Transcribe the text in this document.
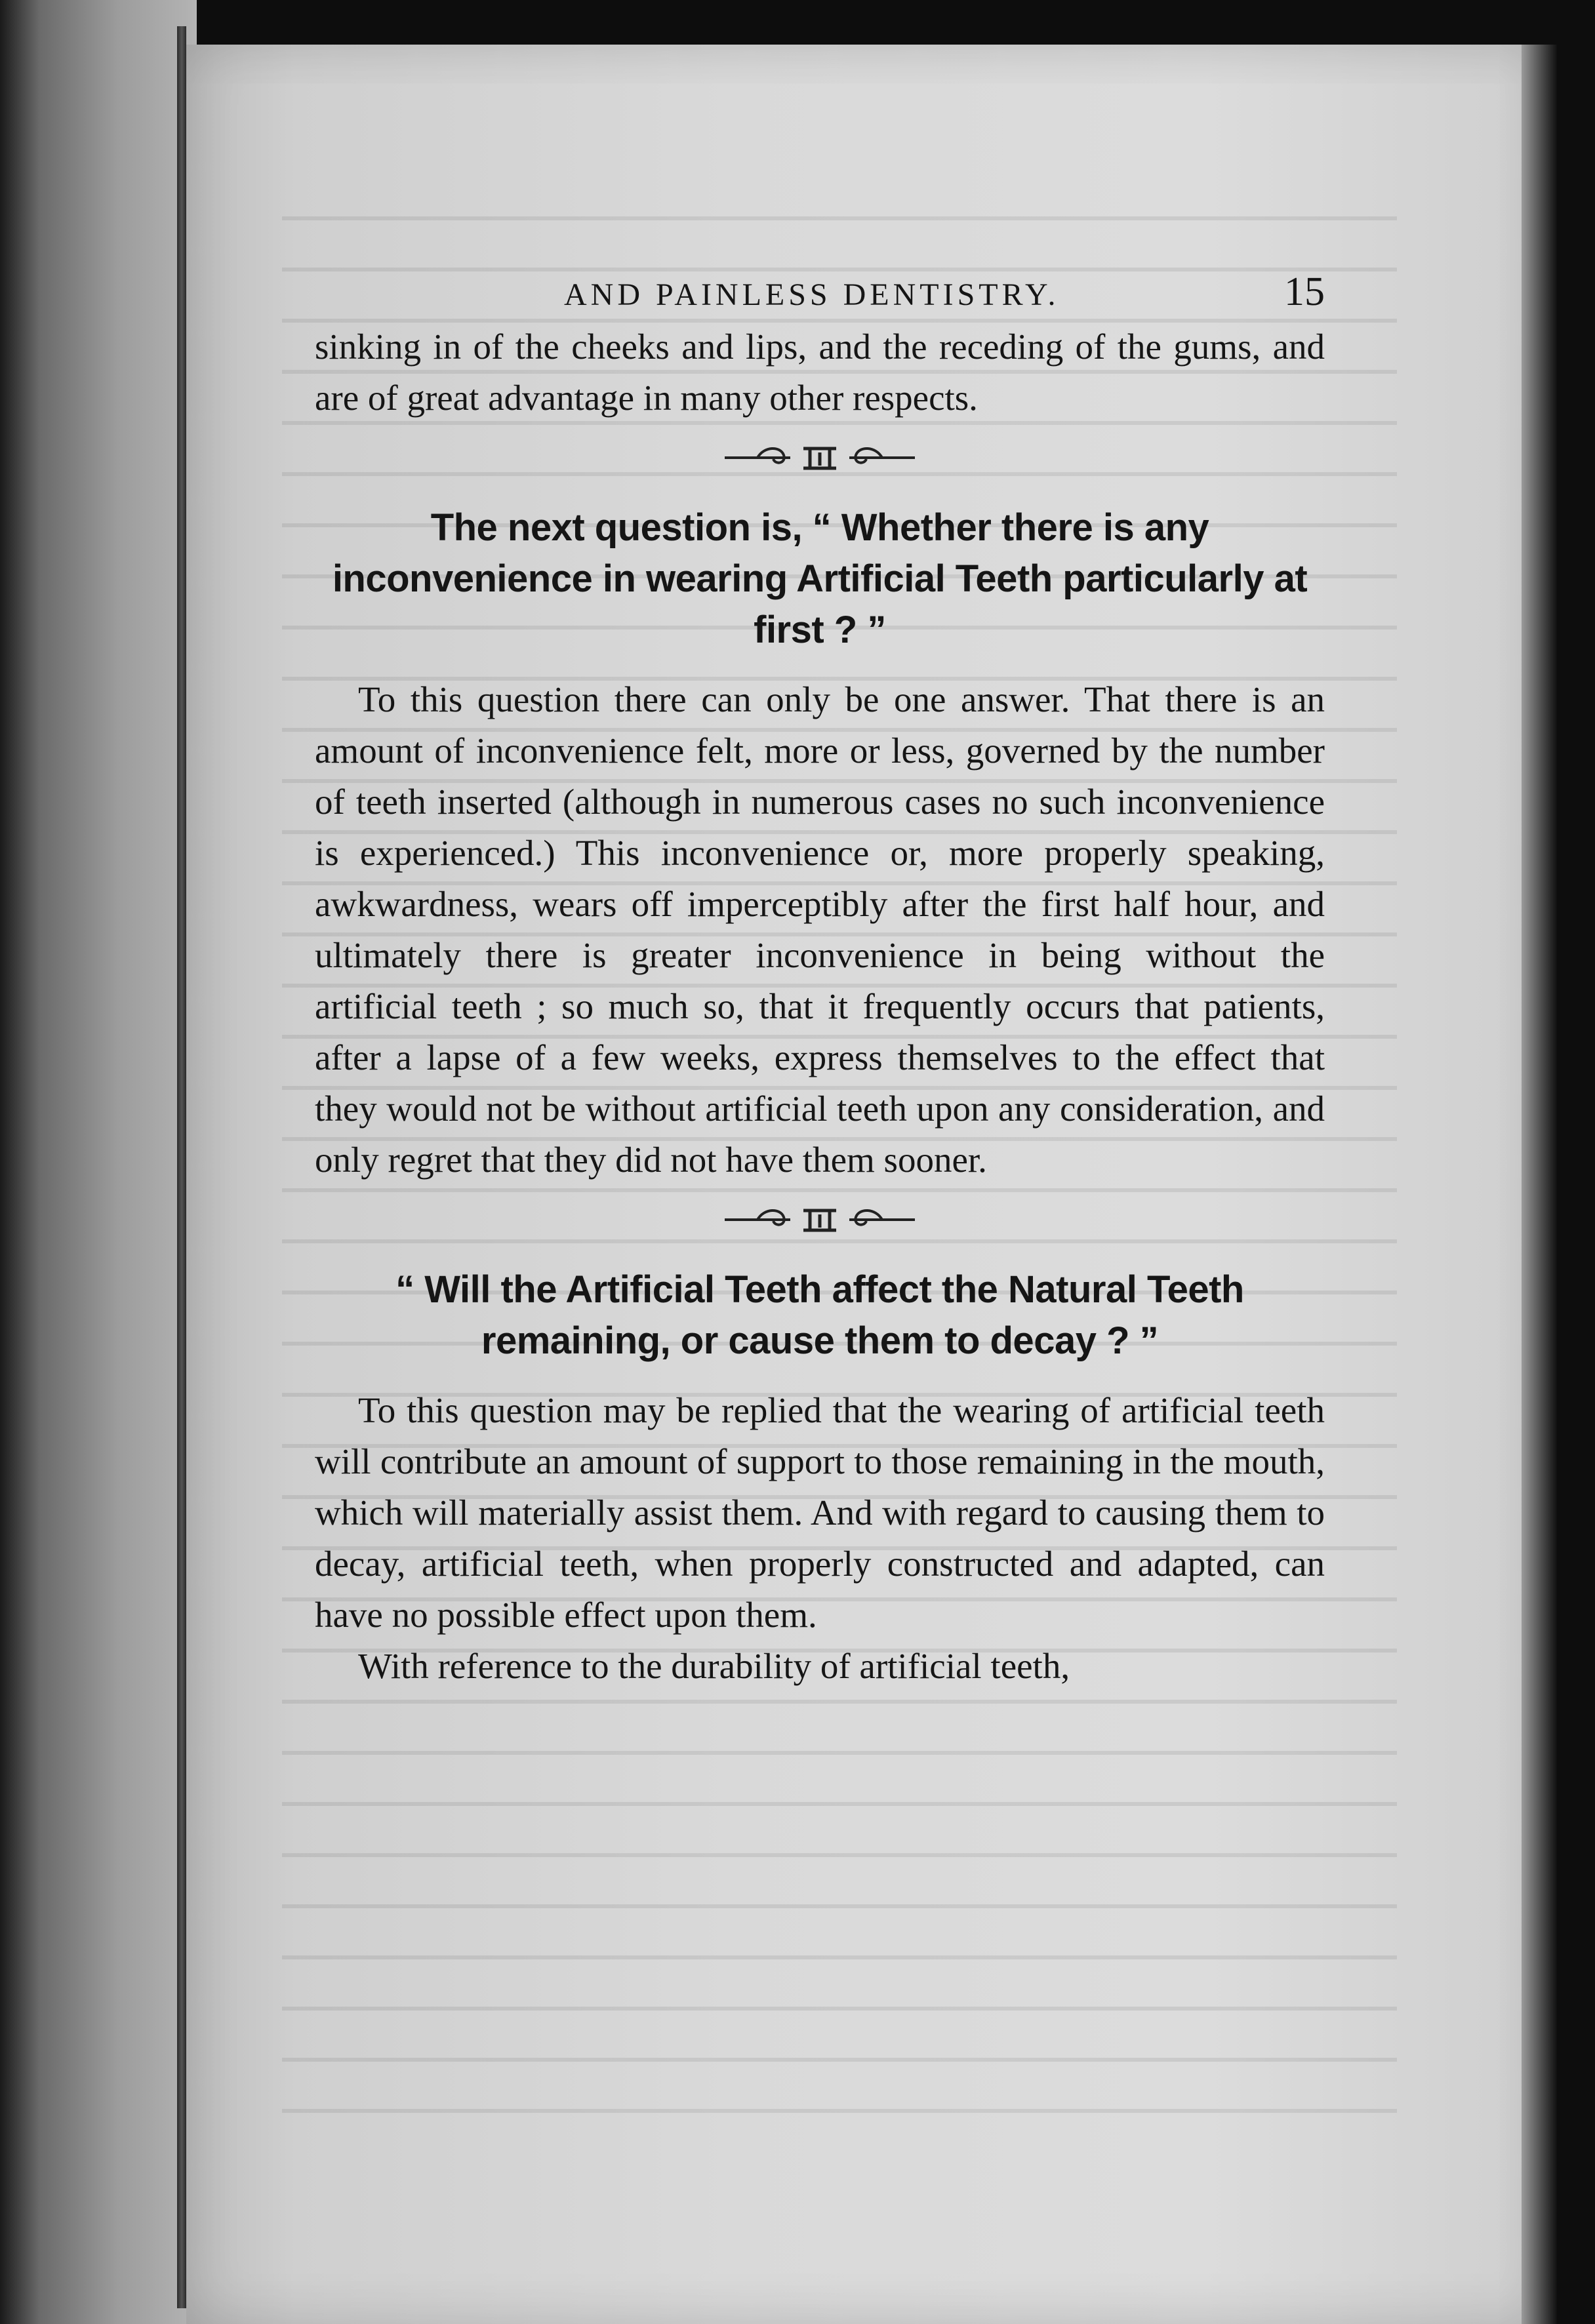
AND PAINLESS DENTISTRY.	15

sinking in of the cheeks and lips, and the receding of the gums, and are of great advantage in many other respects.

The next question is, “ Whether there is any inconvenience in wearing Artificial Teeth particularly at first ? ”

To this question there can only be one answer. That there is an amount of inconvenience felt, more or less, governed by the number of teeth inserted (although in numerous cases no such inconvenience is experienced.) This inconvenience or, more properly speaking, awkwardness, wears off imperceptibly after the first half hour, and ultimately there is greater inconvenience in being without the artificial teeth ; so much so, that it frequently occurs that patients, after a lapse of a few weeks, express themselves to the effect that they would not be without artificial teeth upon any consideration, and only regret that they did not have them sooner.

“ Will the Artificial Teeth affect the Natural Teeth remaining, or cause them to decay ? ”

To this question may be replied that the wearing of artificial teeth will contribute an amount of support to those remaining in the mouth, which will materially assist them. And with regard to causing them to decay, artificial teeth, when properly constructed and adapted, can have no possible effect upon them.

With reference to the durability of artificial teeth,
